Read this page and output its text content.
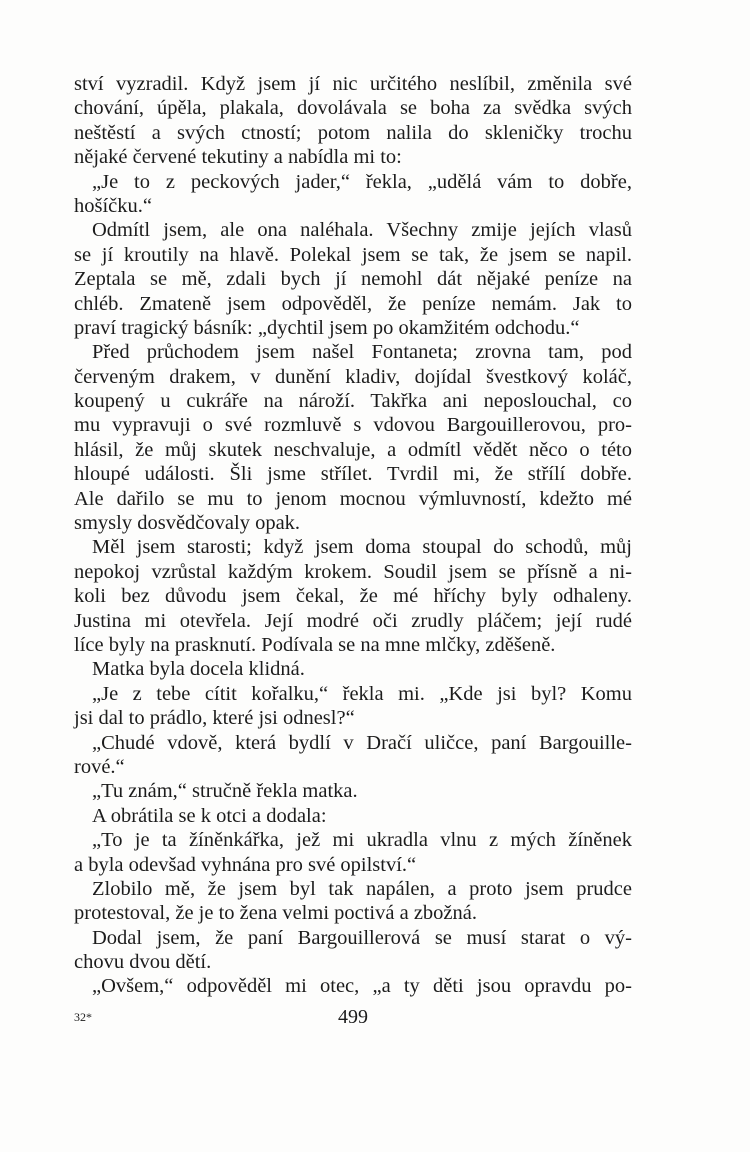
ství vyzradil. Když jsem jí nic určitého neslíbil, změnila své
chování, úpěla, plakala, dovolávala se boha za svědka svých
neštěstí a svých ctností; potom nalila do skleničky trochu
nějaké červené tekutiny a nabídla mi to:
„Je to z peckových jader,“ řekla, „udělá vám to dobře,
hošíčku.“
Odmítl jsem, ale ona naléhala. Všechny zmije jejích vlasů
se jí kroutily na hlavě. Polekal jsem se tak, že jsem se napil.
Zeptala se mě, zdali bych jí nemohl dát nějaké peníze na
chléb. Zmateně jsem odpověděl, že peníze nemám. Jak to
praví tragický básník: „dychtil jsem po okamžitém odchodu.“
Před průchodem jsem našel Fontaneta; zrovna tam, pod
červeným drakem, v dunění kladiv, dojídal švestkový koláč,
koupený u cukráře na nároží. Takřka ani neposlouchal, co
mu vypravuji o své rozmluvě s vdovou Bargouillerovou, pro-
hlásil, že můj skutek neschvaluje, a odmítl vědět něco o této
hloupé události. Šli jsme střílet. Tvrdil mi, že střílí dobře.
Ale dařilo se mu to jenom mocnou výmluvností, kdežto mé
smysly dosvědčovaly opak.
Měl jsem starosti; když jsem doma stoupal do schodů, můj
nepokoj vzrůstal každým krokem. Soudil jsem se přísně a ni-
koli bez důvodu jsem čekal, že mé hříchy byly odhaleny.
Justina mi otevřela. Její modré oči zrudly pláčem; její rudé
líce byly na prasknutí. Podívala se na mne mlčky, zděšeně.
Matka byla docela klidná.
„Je z tebe cítit kořalku,“ řekla mi. „Kde jsi byl? Komu
jsi dal to prádlo, které jsi odnesl?“
„Chudé vdově, která bydlí v Dračí uličce, paní Bargouille-
rové.“
„Tu znám,“ stručně řekla matka.
A obrátila se k otci a dodala:
„To je ta žíněnkářka, jež mi ukradla vlnu z mých žíněnek
a byla odevšad vyhnána pro své opilství.“
Zlobilo mě, že jsem byl tak napálen, a proto jsem prudce
protestoval, že je to žena velmi poctivá a zbožná.
Dodal jsem, že paní Bargouillerová se musí starat o vý-
chovu dvou dětí.
„Ovšem,“ odpověděl mi otec, „a ty děti jsou opravdu po-
32*	499
